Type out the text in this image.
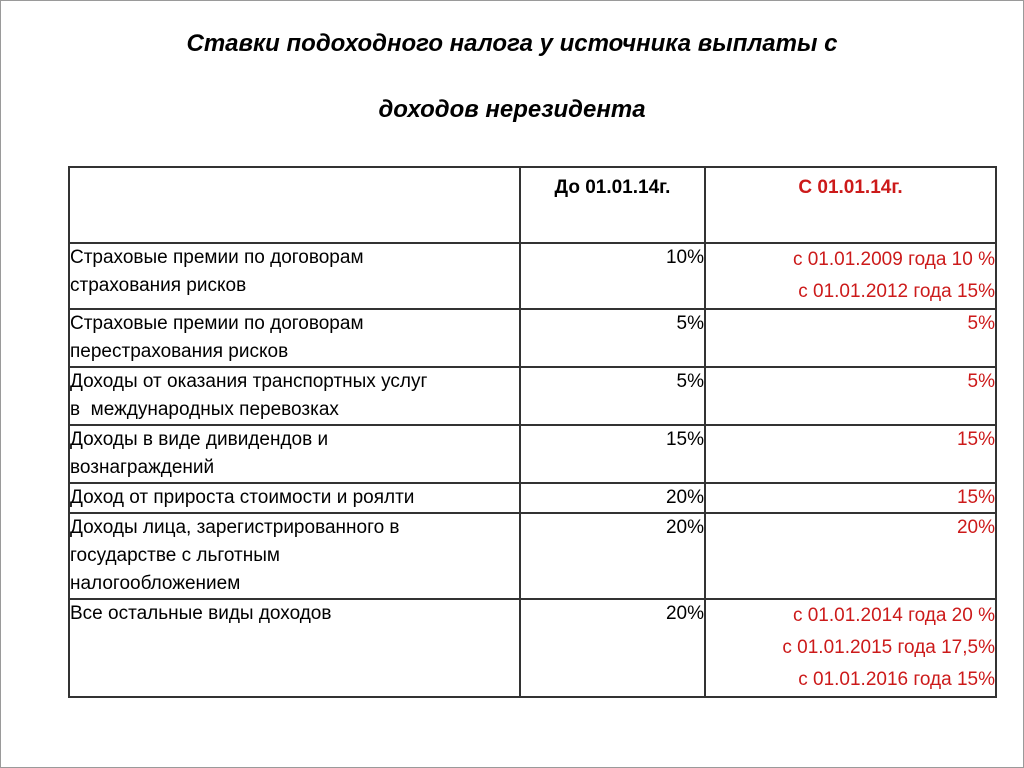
Ставки подоходного налога у источника выплаты с
доходов нерезидента
	До 01.01.14г.	С 01.01.14г.

Страховые премии по договорам
страхования рисков	10%	с 01.01.2009 года 10 %
с 01.01.2012 года 15%

Страховые премии по договорам
перестрахования рисков	5%	5%

Доходы от оказания транспортных услуг
в  международных перевозках	5%	5%

Доходы в виде дивидендов и
вознаграждений	15%	15%

Доход от прироста стоимости и роялти	20%	15%

Доходы лица, зарегистрированного в
государстве с льготным
налогообложением	20%	20%

Все остальные виды доходов	20%	с 01.01.2014 года 20 %
с 01.01.2015 года 17,5%
с 01.01.2016 года 15%
